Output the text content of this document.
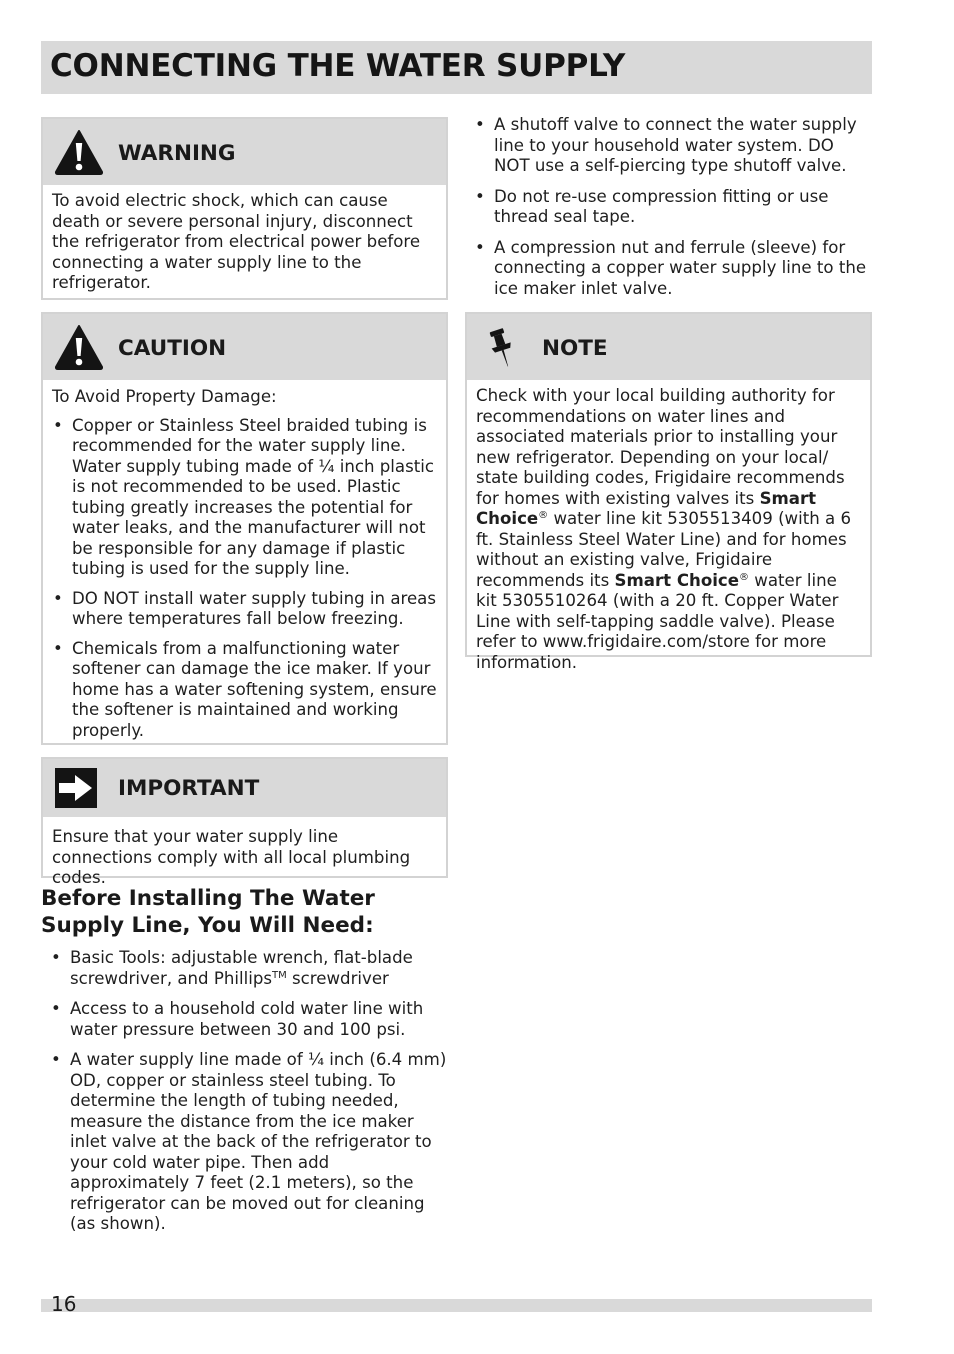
CONNECTING THE WATER SUPPLY
WARNING

To avoid electric shock, which can cause death or severe personal injury, disconnect the refrigerator from electrical power before connecting a water supply line to the refrigerator.

CAUTION

To Avoid Property Damage:

• Copper or Stainless Steel braided tubing is recommended for the water supply line. Water supply tubing made of ¼ inch plastic is not recommended to be used. Plastic tubing greatly increases the potential for water leaks, and the manufacturer will not be responsible for any damage if plastic tubing is used for the supply line.
• DO NOT install water supply tubing in areas where temperatures fall below freezing.
• Chemicals from a malfunctioning water softener can damage the ice maker. If your home has a water softening system, ensure the softener is maintained and working properly.
IMPORTANT

Ensure that your water supply line connections comply with all local plumbing codes.

Before Installing The Water Supply Line, You Will Need:
• Basic Tools: adjustable wrench, flat-blade screwdriver, and Phillips™ screwdriver
• Access to a household cold water line with water pressure between 30 and 100 psi.
• A water supply line made of ¼ inch (6.4 mm) OD, copper or stainless steel tubing. To determine the length of tubing needed, measure the distance from the ice maker inlet valve at the back of the refrigerator to your cold water pipe. Then add approximately 7 feet (2.1 meters), so the refrigerator can be moved out for cleaning (as shown).
• A shutoff valve to connect the water supply line to your household water system. DO NOT use a self-piercing type shutoff valve.
• Do not re-use compression fitting or use thread seal tape.
• A compression nut and ferrule (sleeve) for connecting a copper water supply line to the ice maker inlet valve.
NOTE

Check with your local building authority for recommendations on water lines and associated materials prior to installing your new refrigerator. Depending on your local/ state building codes, Frigidaire recommends for homes with existing valves its Smart Choice® water line kit 5305513409 (with a 6 ft. Stainless Steel Water Line) and for homes without an existing valve, Frigidaire recommends its Smart Choice® water line kit 5305510264 (with a 20 ft. Copper Water Line with self-tapping saddle valve). Please refer to www.frigidaire.com/store for more information.

16
